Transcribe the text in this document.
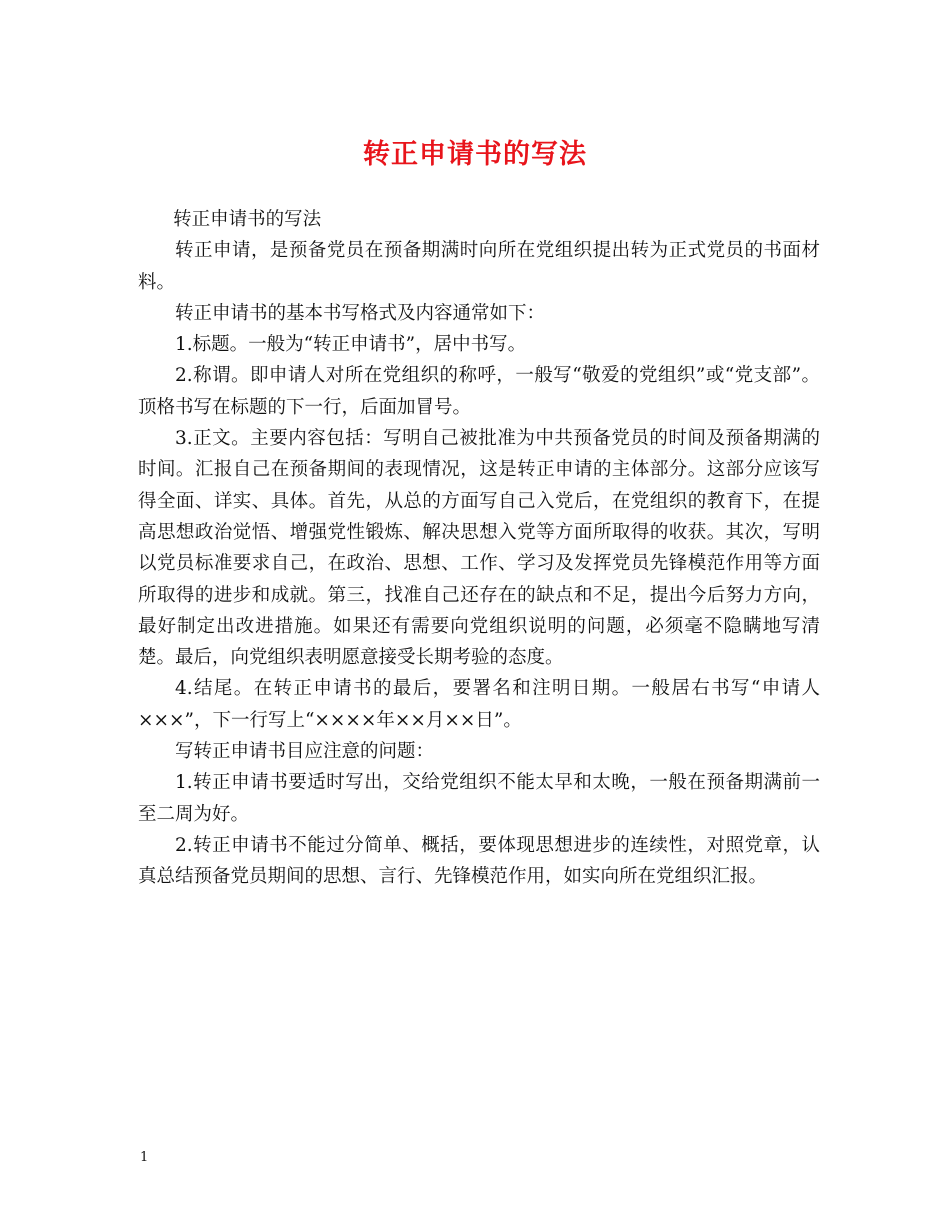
转正申请书的写法

转正申请书的写法

转正申请，是预备党员在预备期满时向所在党组织提出转为正式党员的书面材料。

转正申请书的基本书写格式及内容通常如下：

1.标题。一般为“转正申请书”，居中书写。

2.称谓。即申请人对所在党组织的称呼，一般写“敬爱的党组织”或“党支部”。顶格书写在标题的下一行，后面加冒号。

3.正文。主要内容包括：写明自己被批准为中共预备党员的时间及预备期满的时间。汇报自己在预备期间的表现情况，这是转正申请的主体部分。这部分应该写得全面、详实、具体。首先，从总的方面写自己入党后，在党组织的教育下，在提高思想政治觉悟、增强党性锻炼、解决思想入党等方面所取得的收获。其次，写明以党员标准要求自己，在政治、思想、工作、学习及发挥党员先锋模范作用等方面所取得的进步和成就。第三，找准自己还存在的缺点和不足，提出今后努力方向，最好制定出改进措施。如果还有需要向党组织说明的问题，必须毫不隐瞒地写清楚。最后，向党组织表明愿意接受长期考验的态度。

4.结尾。在转正申请书的最后，要署名和注明日期。一般居右书写“申请人×××”，下一行写上“××××年××月××日”。

写转正申请书目应注意的问题：

1.转正申请书要适时写出，交给党组织不能太早和太晚，一般在预备期满前一至二周为好。

2.转正申请书不能过分简单、概括，要体现思想进步的连续性，对照党章，认真总结预备党员期间的思想、言行、先锋模范作用，如实向所在党组织汇报。

1
